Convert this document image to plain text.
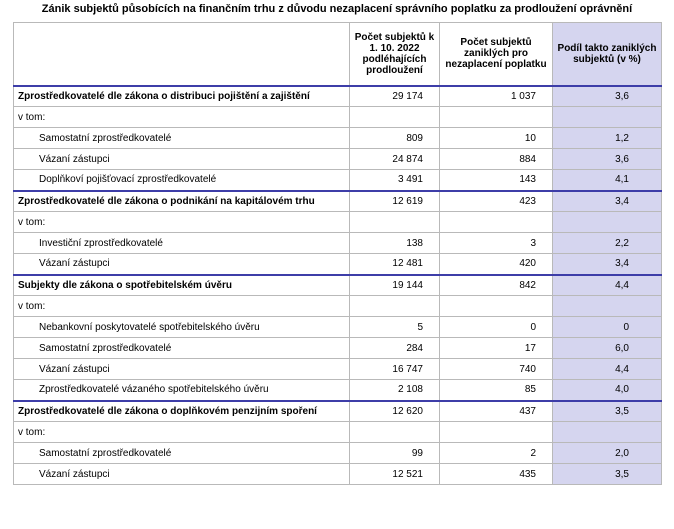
Zánik subjektů působících na finančním trhu z důvodu nezaplacení správního poplatku za prodloužení oprávnění
	Počet subjektů k 1. 10. 2022 podléhajících prodloužení	Počet subjektů zaniklých pro nezaplacení poplatku	Podíl takto zaniklých subjektů (v %)
Zprostředkovatelé dle zákona o distribuci pojištění a zajištění	29 174	1 037	3,6
v tom:			
Samostatní zprostředkovatelé	809	10	1,2
Vázaní zástupci	24 874	884	3,6
Doplňkoví pojišťovací zprostředkovatelé	3 491	143	4,1
Zprostředkovatelé dle zákona o podnikání na kapitálovém trhu	12 619	423	3,4
v tom:			
Investiční zprostředkovatelé	138	3	2,2
Vázaní zástupci	12 481	420	3,4
Subjekty dle zákona o spotřebitelském úvěru	19 144	842	4,4
v tom:			
Nebankovní poskytovatelé spotřebitelského úvěru	5	0	0
Samostatní zprostředkovatelé	284	17	6,0
Vázaní zástupci	16 747	740	4,4
Zprostředkovatelé vázaného spotřebitelského úvěru	2 108	85	4,0
Zprostředkovatelé dle zákona o doplňkovém penzijním spoření	12 620	437	3,5
v tom:			
Samostatní zprostředkovatelé	99	2	2,0
Vázaní zástupci	12 521	435	3,5
